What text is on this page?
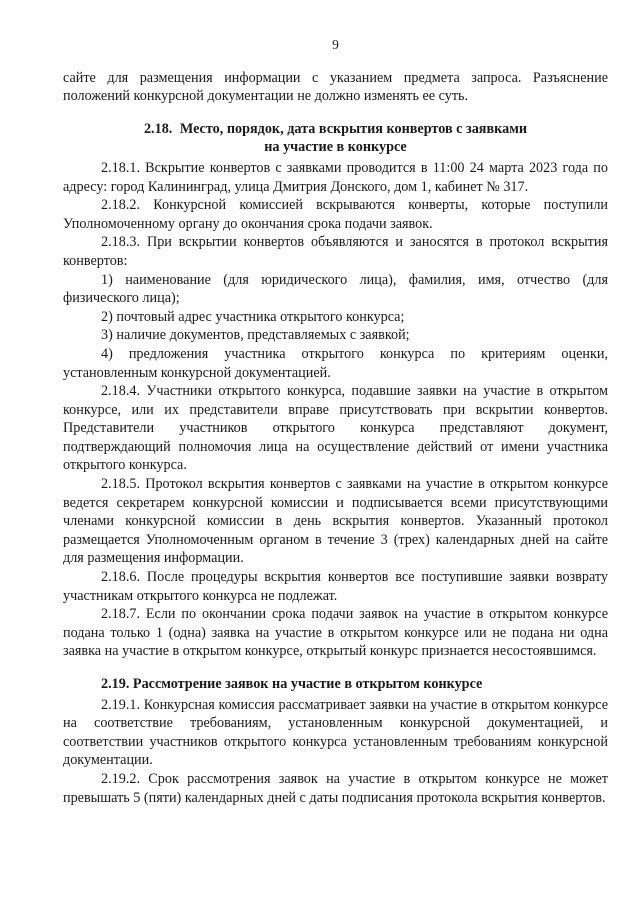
9

сайте для размещения информации с указанием предмета запроса. Разъяснение положений конкурсной документации не должно изменять ее суть.

2.18. Место, порядок, дата вскрытия конвертов с заявками
на участие в конкурсе

2.18.1. Вскрытие конвертов с заявками проводится в 11:00 24 марта 2023 года по адресу: город Калининград, улица Дмитрия Донского, дом 1, кабинет № 317.

2.18.2. Конкурсной комиссией вскрываются конверты, которые поступили Уполномоченному органу до окончания срока подачи заявок.

2.18.3. При вскрытии конвертов объявляются и заносятся в протокол вскрытия конвертов:

1) наименование (для юридического лица), фамилия, имя, отчество (для физического лица);

2) почтовый адрес участника открытого конкурса;

3) наличие документов, представляемых с заявкой;

4) предложения участника открытого конкурса по критериям оценки, установленным конкурсной документацией.

2.18.4. Участники открытого конкурса, подавшие заявки на участие в открытом конкурсе, или их представители вправе присутствовать при вскрытии конвертов. Представители участников открытого конкурса представляют документ, подтверждающий полномочия лица на осуществление действий от имени участника открытого конкурса.

2.18.5. Протокол вскрытия конвертов с заявками на участие в открытом конкурсе ведется секретарем конкурсной комиссии и подписывается всеми присутствующими членами конкурсной комиссии в день вскрытия конвертов. Указанный протокол размещается Уполномоченным органом в течение 3 (трех) календарных дней на сайте для размещения информации.

2.18.6. После процедуры вскрытия конвертов все поступившие заявки возврату участникам открытого конкурса не подлежат.

2.18.7. Если по окончании срока подачи заявок на участие в открытом конкурсе подана только 1 (одна) заявка на участие в открытом конкурсе или не подана ни одна заявка на участие в открытом конкурсе, открытый конкурс признается несостоявшимся.

2.19. Рассмотрение заявок на участие в открытом конкурсе

2.19.1. Конкурсная комиссия рассматривает заявки на участие в открытом конкурсе на соответствие требованиям, установленным конкурсной документацией, и соответствии участников открытого конкурса установленным требованиям конкурсной документации.

2.19.2. Срок рассмотрения заявок на участие в открытом конкурсе не может превышать 5 (пяти) календарных дней с даты подписания протокола вскрытия конвертов.
